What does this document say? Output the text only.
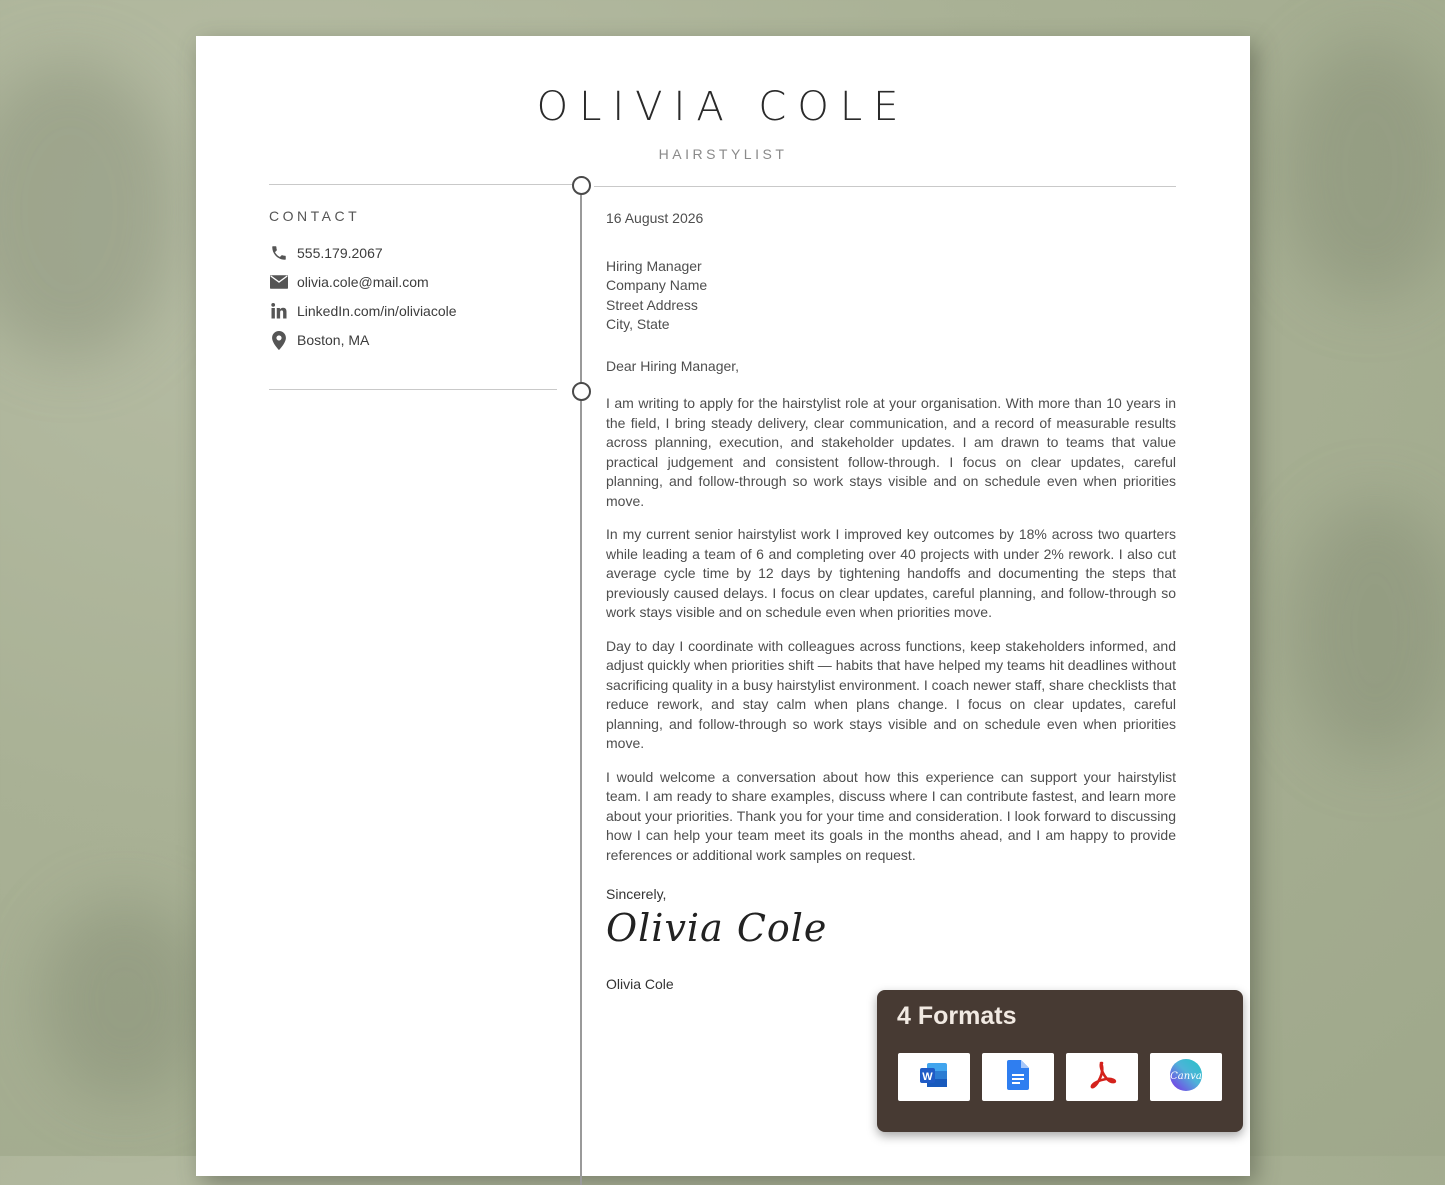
OLIVIA COLE
HAIRSTYLIST
CONTACT
555.179.2067
olivia.cole@mail.com
LinkedIn.com/in/oliviacole
Boston, MA
16 August 2026
Hiring Manager
Company Name
Street Address
City, State
Dear Hiring Manager,

I am writing to apply for the hairstylist role at your organisation. With more than 10 years in the field, I bring steady delivery, clear communication, and a record of measurable results across planning, execution, and stakeholder updates. I am drawn to teams that value practical judgement and consistent follow-through. I focus on clear updates, careful planning, and follow-through so work stays visible and on schedule even when priorities move.

In my current senior hairstylist work I improved key outcomes by 18% across two quarters while leading a team of 6 and completing over 40 projects with under 2% rework. I also cut average cycle time by 12 days by tightening handoffs and documenting the steps that previously caused delays. I focus on clear updates, careful planning, and follow-through so work stays visible and on schedule even when priorities move.

Day to day I coordinate with colleagues across functions, keep stakeholders informed, and adjust quickly when priorities shift — habits that have helped my teams hit deadlines without sacrificing quality in a busy hairstylist environment. I coach newer staff, share checklists that reduce rework, and stay calm when plans change. I focus on clear updates, careful planning, and follow-through so work stays visible and on schedule even when priorities move.

I would welcome a conversation about how this experience can support your hairstylist team. I am ready to share examples, discuss where I can contribute fastest, and learn more about your priorities. Thank you for your time and consideration. I look forward to discussing how I can help your team meet its goals in the months ahead, and I am happy to provide references or additional work samples on request.

Sincerely,
Olivia Cole
Olivia Cole
4 Formats
W	Canva
